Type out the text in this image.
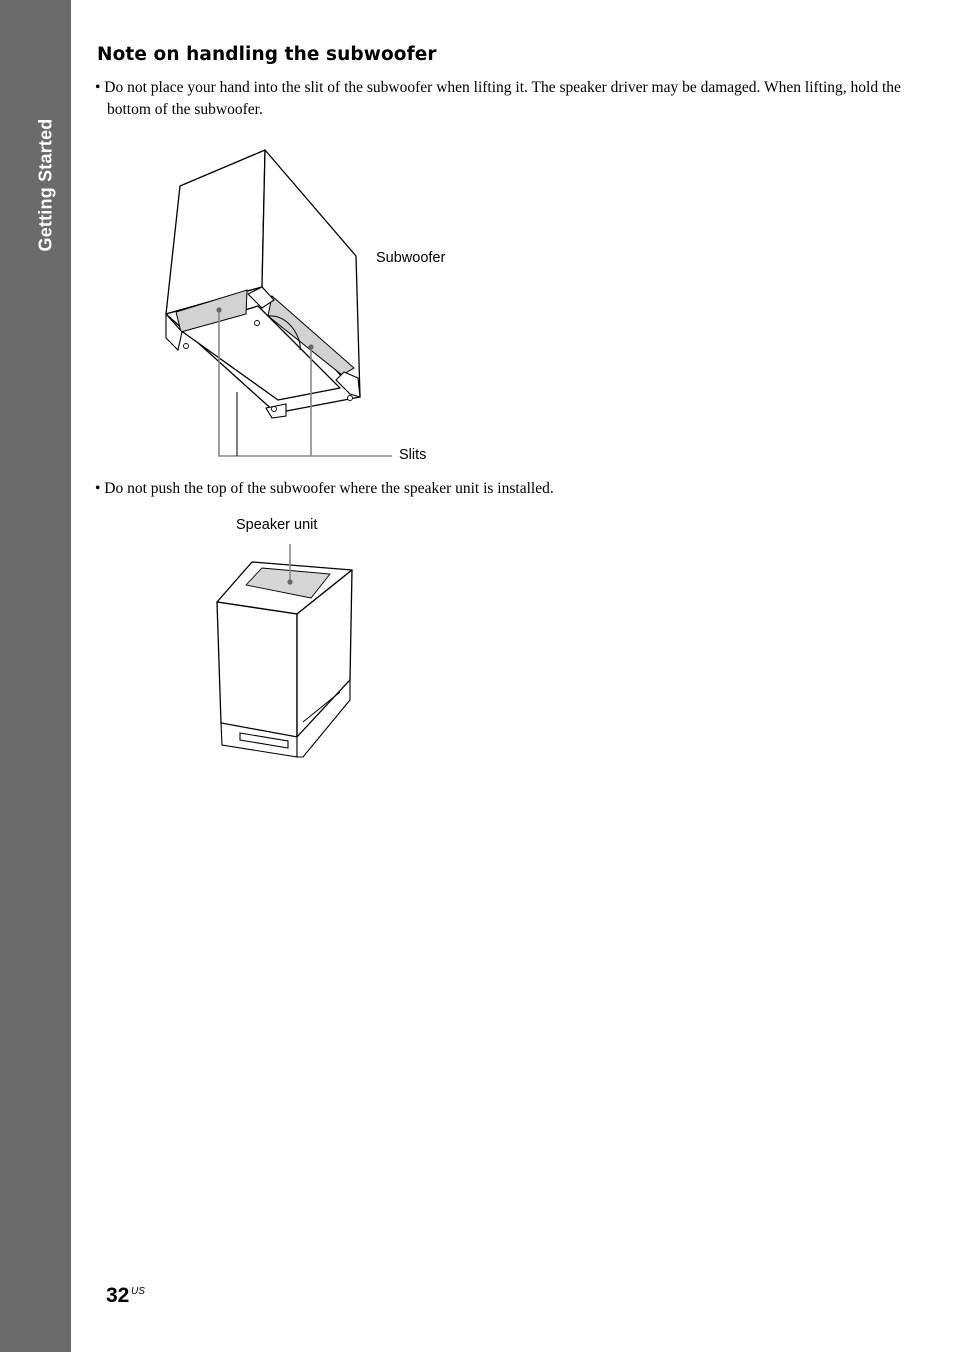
Getting Started
Note on handling the subwoofer

• Do not place your hand into the slit of the subwoofer when lifting it. The speaker driver may be damaged. When lifting, hold the bottom of the subwoofer.

Subwoofer
Slits

• Do not push the top of the subwoofer where the speaker unit is installed.

Speaker unit
32 US
